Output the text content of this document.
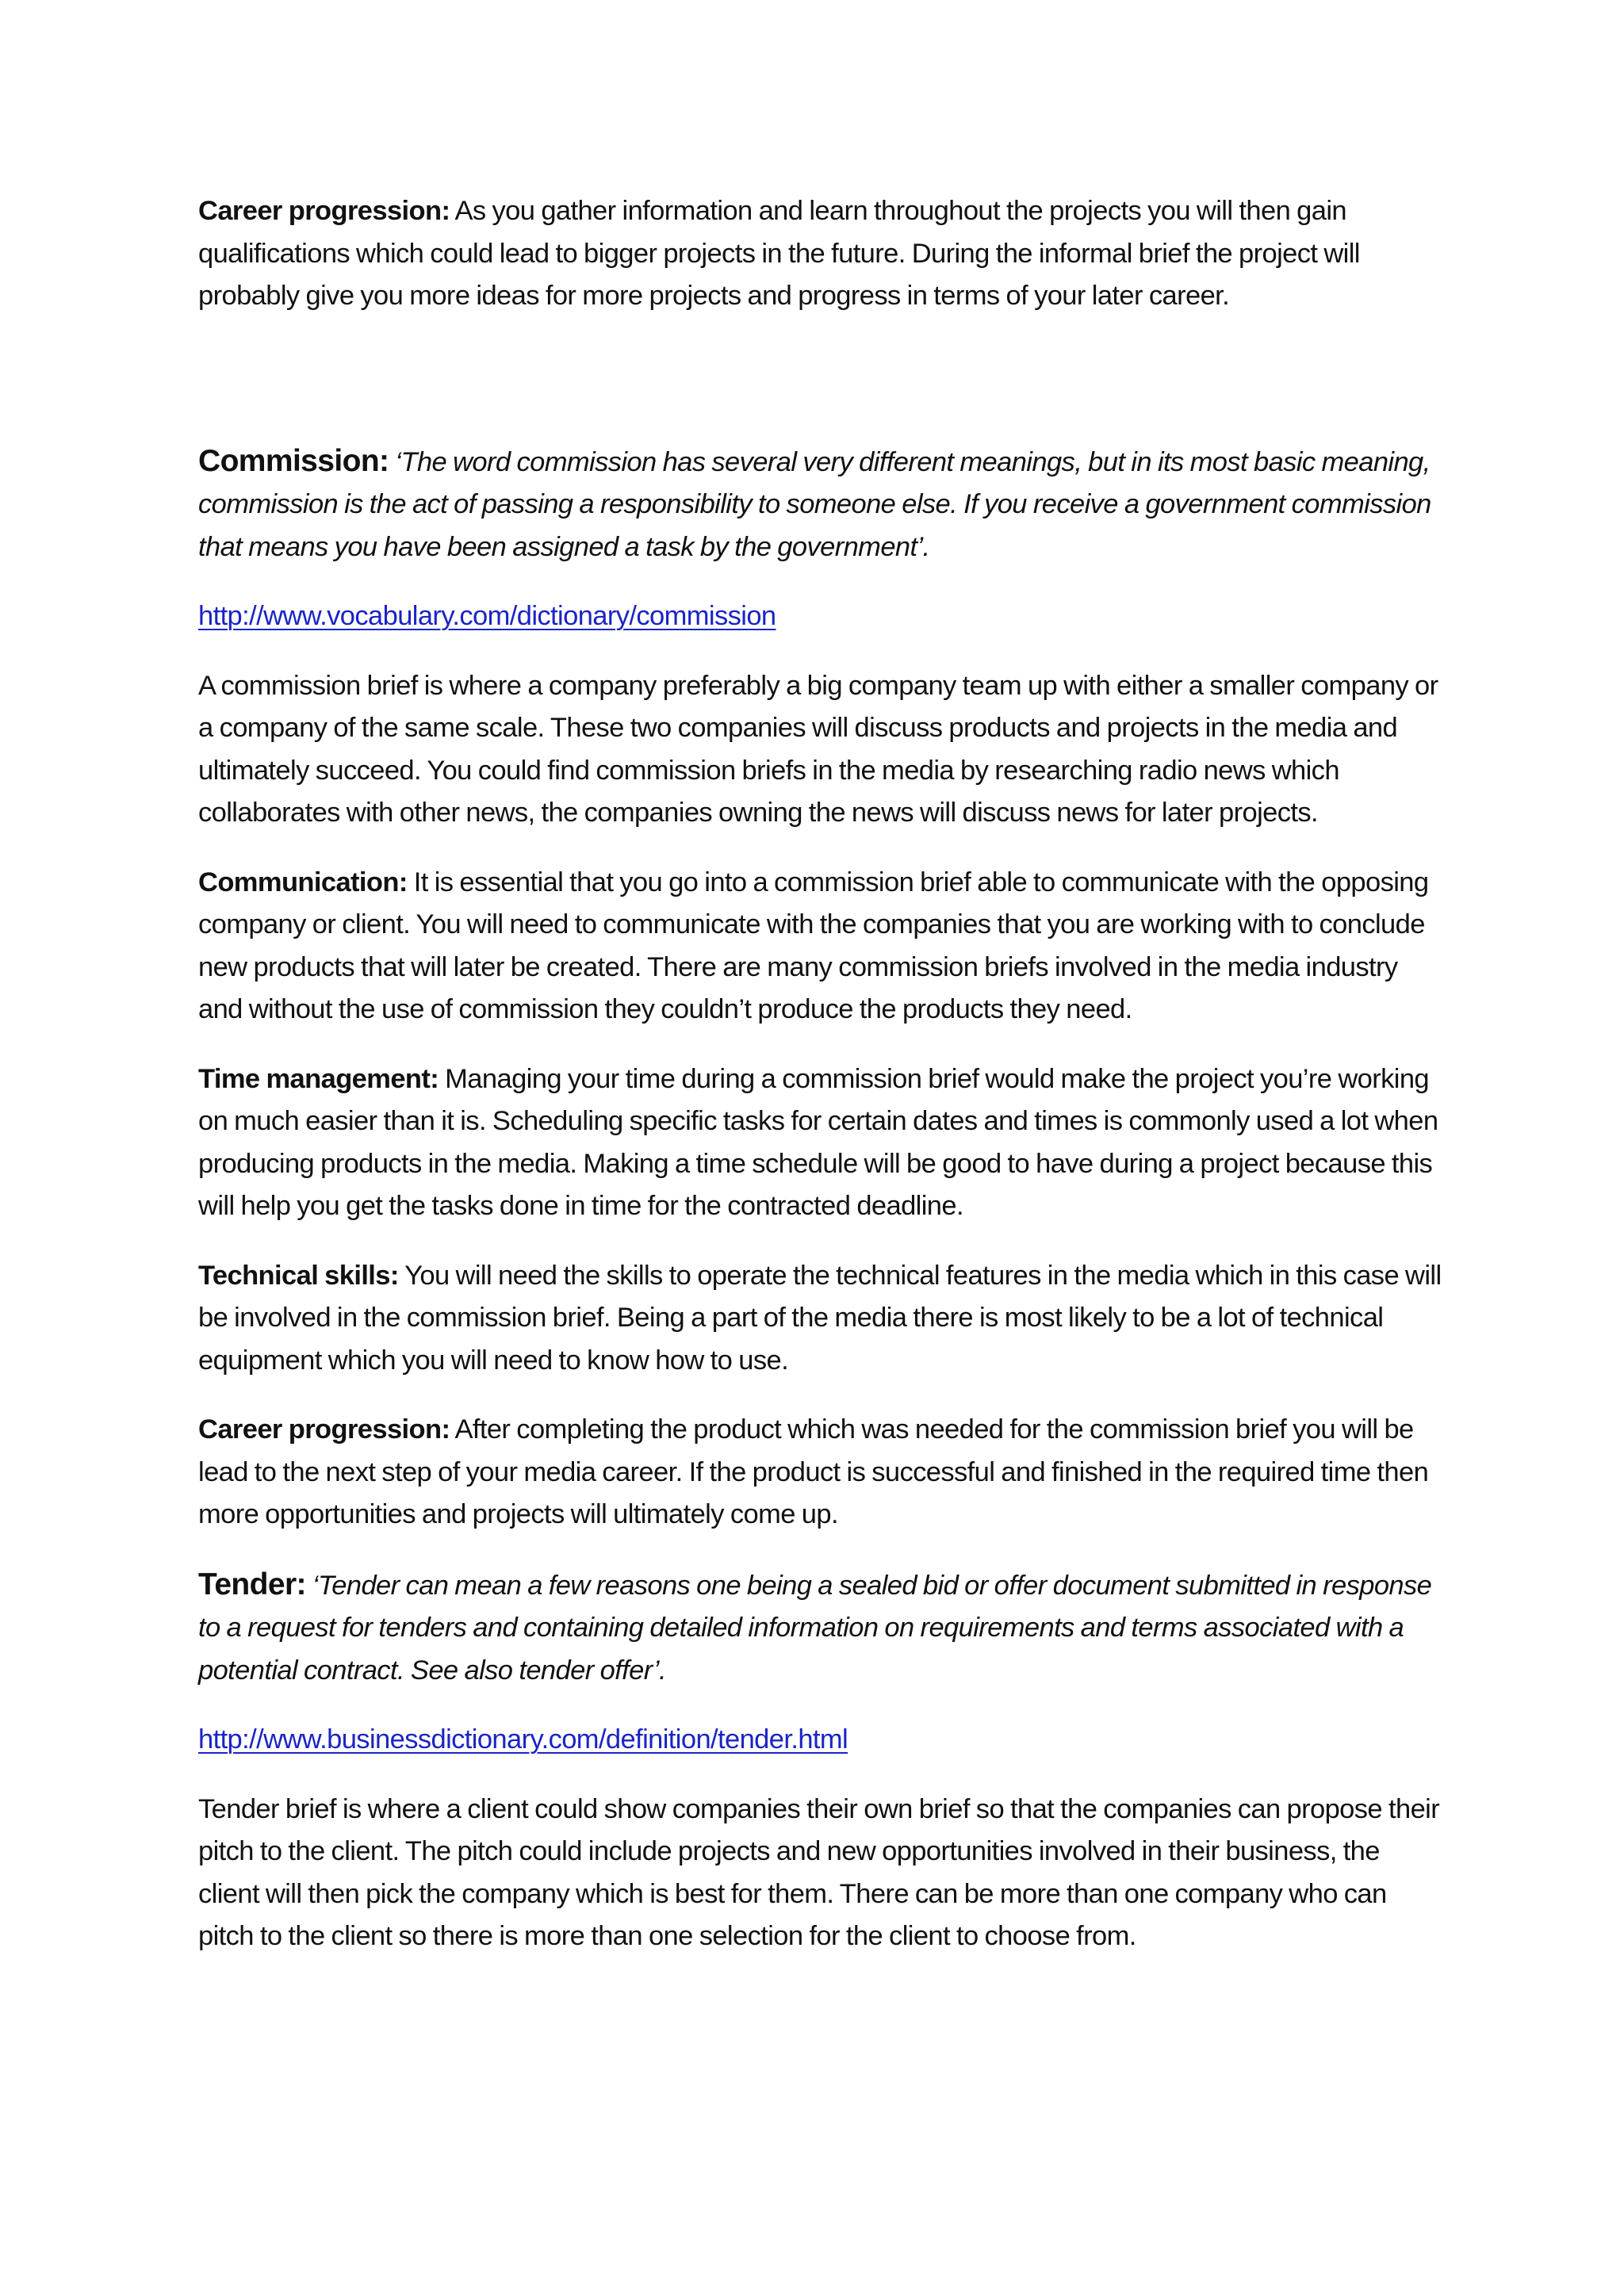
Career progression: As you gather information and learn throughout the projects you will then gain qualifications which could lead to bigger projects in the future. During the informal brief the project will probably give you more ideas for more projects and progress in terms of your later career.

Commission: ‘The word commission has several very different meanings, but in its most basic meaning, commission is the act of passing a responsibility to someone else. If you receive a government commission that means you have been assigned a task by the government’.

http://www.vocabulary.com/dictionary/commission

A commission brief is where a company preferably a big company team up with either a smaller company or a company of the same scale. These two companies will discuss products and projects in the media and ultimately succeed. You could find commission briefs in the media by researching radio news which collaborates with other news, the companies owning the news will discuss news for later projects.

Communication: It is essential that you go into a commission brief able to communicate with the opposing company or client. You will need to communicate with the companies that you are working with to conclude new products that will later be created. There are many commission briefs involved in the media industry and without the use of commission they couldn’t produce the products they need.

Time management: Managing your time during a commission brief would make the project you’re working on much easier than it is. Scheduling specific tasks for certain dates and times is commonly used a lot when producing products in the media. Making a time schedule will be good to have during a project because this will help you get the tasks done in time for the contracted deadline.

Technical skills: You will need the skills to operate the technical features in the media which in this case will be involved in the commission brief. Being a part of the media there is most likely to be a lot of technical equipment which you will need to know how to use.

Career progression: After completing the product which was needed for the commission brief you will be lead to the next step of your media career. If the product is successful and finished in the required time then more opportunities and projects will ultimately come up.

Tender: ‘Tender can mean a few reasons one being a sealed bid or offer document submitted in response to a request for tenders and containing detailed information on requirements and terms associated with a potential contract. See also tender offer’.

http://www.businessdictionary.com/definition/tender.html

Tender brief is where a client could show companies their own brief so that the companies can propose their pitch to the client. The pitch could include projects and new opportunities involved in their business, the client will then pick the company which is best for them. There can be more than one company who can pitch to the client so there is more than one selection for the client to choose from.
